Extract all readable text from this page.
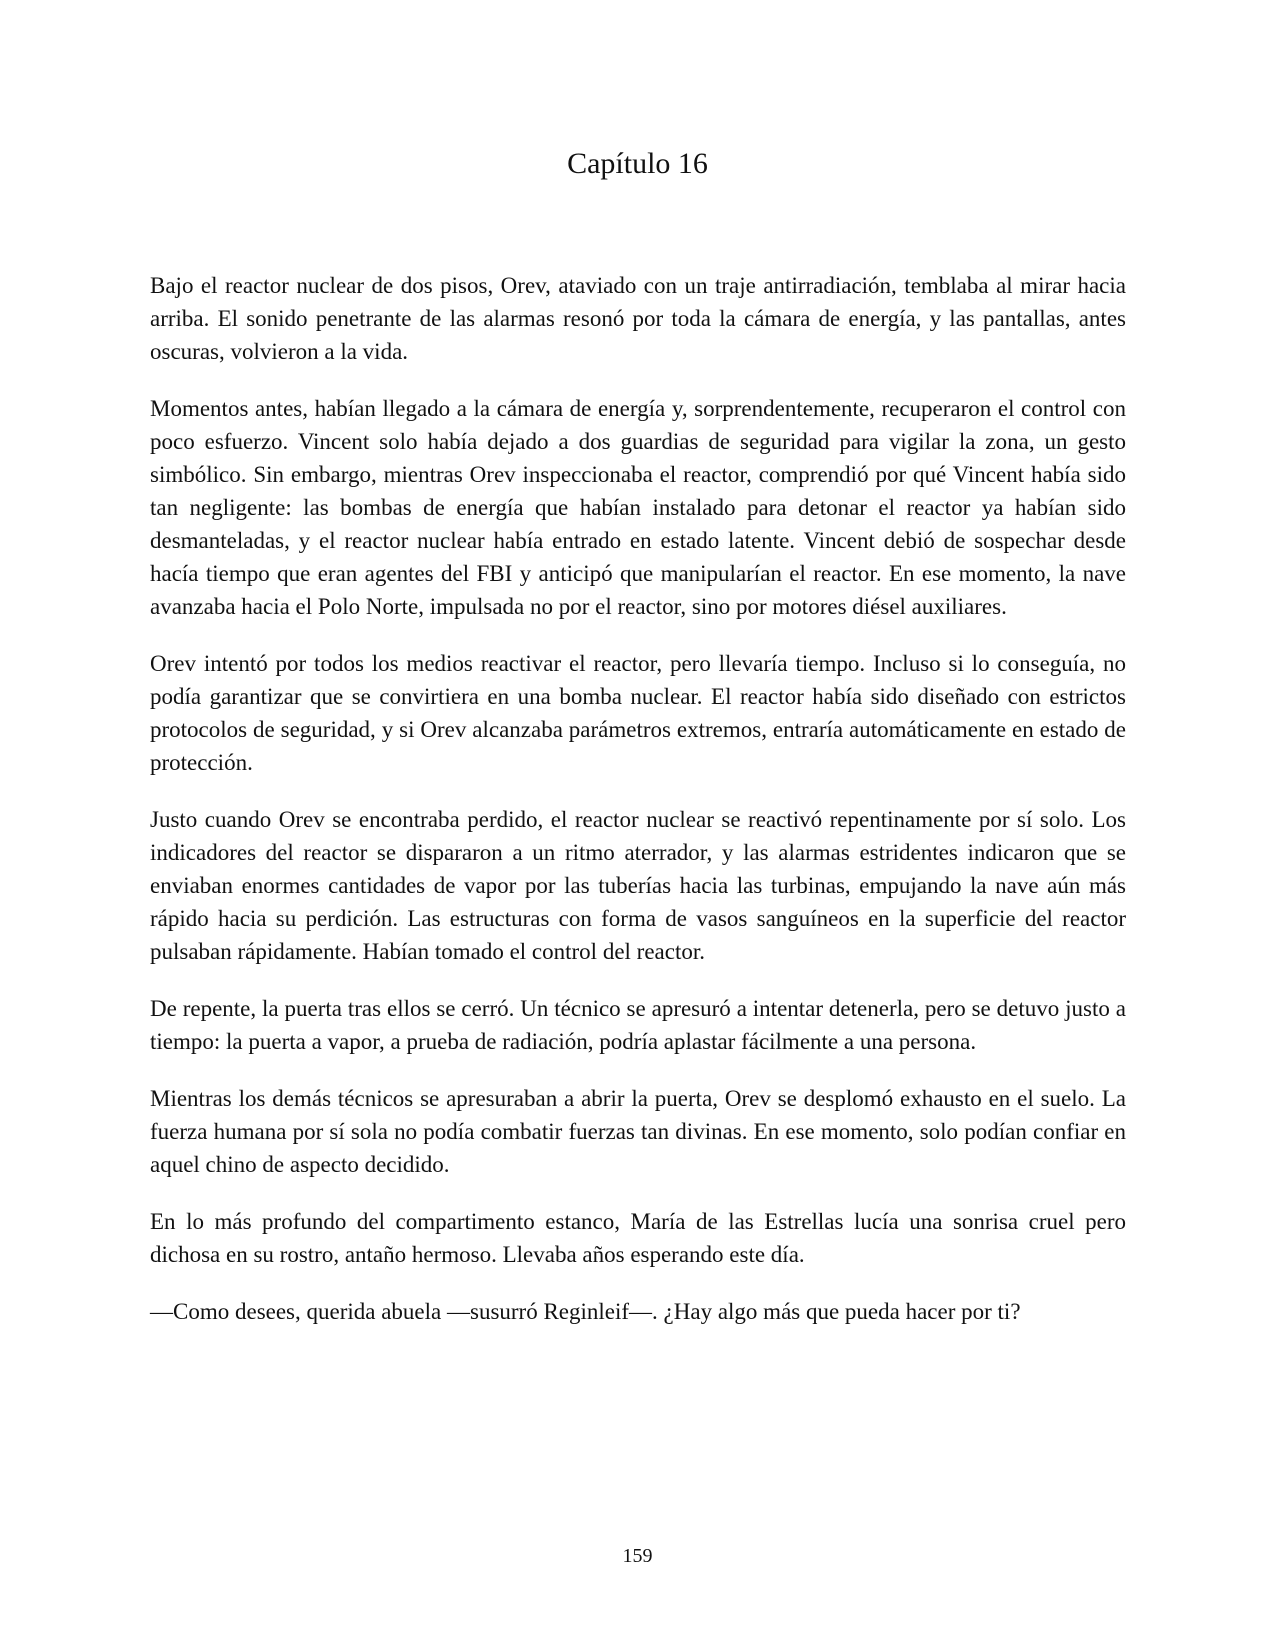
Capítulo 16

Bajo el reactor nuclear de dos pisos, Orev, ataviado con un traje antirradiación, temblaba al mirar hacia arriba. El sonido penetrante de las alarmas resonó por toda la cámara de energía, y las pantallas, antes oscuras, volvieron a la vida.

Momentos antes, habían llegado a la cámara de energía y, sorprendentemente, recuperaron el control con poco esfuerzo. Vincent solo había dejado a dos guardias de seguridad para vigilar la zona, un gesto simbólico. Sin embargo, mientras Orev inspeccionaba el reactor, comprendió por qué Vincent había sido tan negligente: las bombas de energía que habían instalado para detonar el reactor ya habían sido desmanteladas, y el reactor nuclear había entrado en estado latente. Vincent debió de sospechar desde hacía tiempo que eran agentes del FBI y anticipó que manipularían el reactor. En ese momento, la nave avanzaba hacia el Polo Norte, impulsada no por el reactor, sino por motores diésel auxiliares.

Orev intentó por todos los medios reactivar el reactor, pero llevaría tiempo. Incluso si lo conseguía, no podía garantizar que se convirtiera en una bomba nuclear. El reactor había sido diseñado con estrictos protocolos de seguridad, y si Orev alcanzaba parámetros extremos, entraría automáticamente en estado de protección.

Justo cuando Orev se encontraba perdido, el reactor nuclear se reactivó repentinamente por sí solo. Los indicadores del reactor se dispararon a un ritmo aterrador, y las alarmas estridentes indicaron que se enviaban enormes cantidades de vapor por las tuberías hacia las turbinas, empujando la nave aún más rápido hacia su perdición. Las estructuras con forma de vasos sanguíneos en la superficie del reactor pulsaban rápidamente. Habían tomado el control del reactor.

De repente, la puerta tras ellos se cerró. Un técnico se apresuró a intentar detenerla, pero se detuvo justo a tiempo: la puerta a vapor, a prueba de radiación, podría aplastar fácilmente a una persona.

Mientras los demás técnicos se apresuraban a abrir la puerta, Orev se desplomó exhausto en el suelo. La fuerza humana por sí sola no podía combatir fuerzas tan divinas. En ese momento, solo podían confiar en aquel chino de aspecto decidido.

En lo más profundo del compartimento estanco, María de las Estrellas lucía una sonrisa cruel pero dichosa en su rostro, antaño hermoso. Llevaba años esperando este día.

—Como desees, querida abuela —susurró Reginleif—. ¿Hay algo más que pueda hacer por ti?

159
